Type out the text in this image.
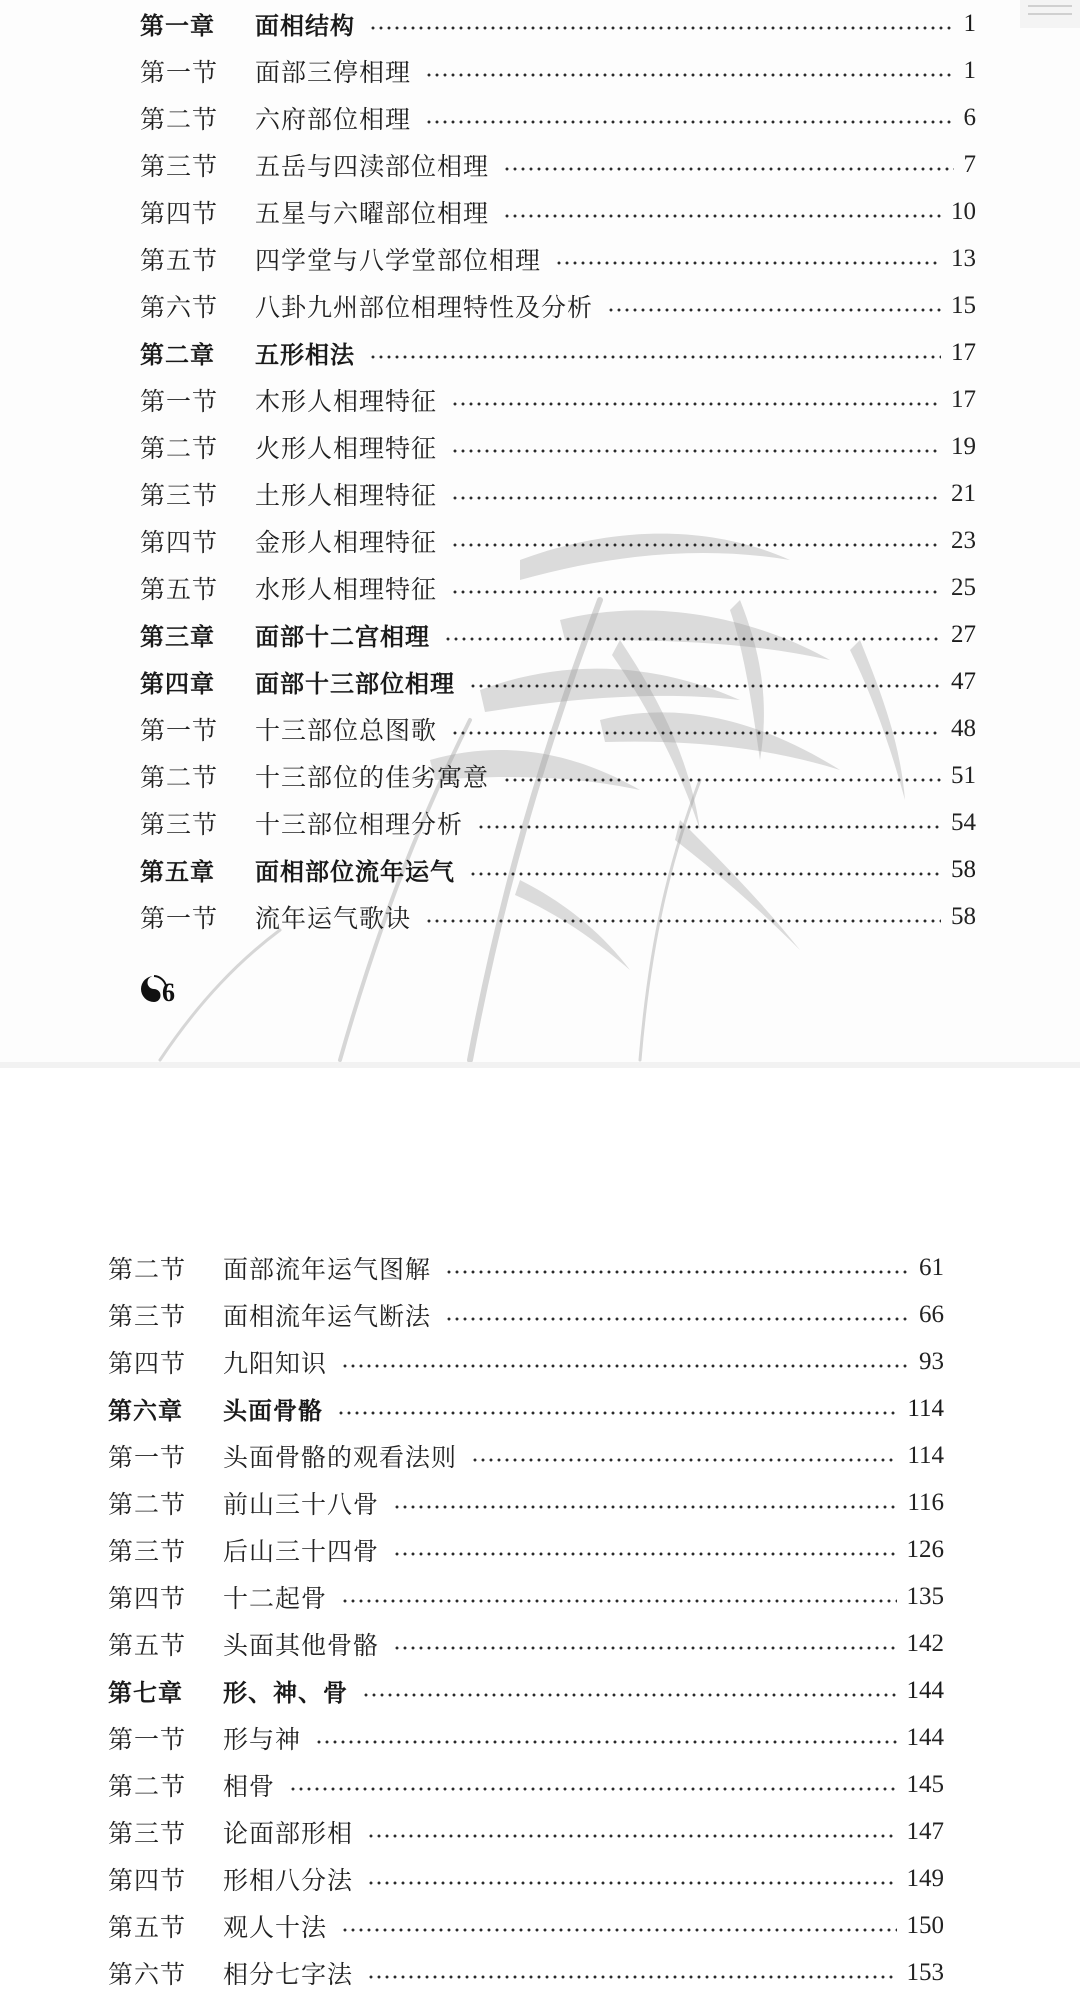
第一章	面相结构	1
第一节	面部三停相理	1
第二节	六府部位相理	6
第三节	五岳与四渎部位相理	7
第四节	五星与六曜部位相理	10
第五节	四学堂与八学堂部位相理	13
第六节	八卦九州部位相理特性及分析	15
第二章	五形相法	17
第一节	木形人相理特征	17
第二节	火形人相理特征	19
第三节	土形人相理特征	21
第四节	金形人相理特征	23
第五节	水形人相理特征	25
第三章	面部十二宫相理	27
第四章	面部十三部位相理	47
第一节	十三部位总图歌	48
第二节	十三部位的佳劣寓意	51
第三节	十三部位相理分析	54
第五章	面相部位流年运气	58
第一节	流年运气歌诀	58
6
第二节	面部流年运气图解	61
第三节	面相流年运气断法	66
第四节	九阳知识	93
第六章	头面骨骼	114
第一节	头面骨骼的观看法则	114
第二节	前山三十八骨	116
第三节	后山三十四骨	126
第四节	十二起骨	135
第五节	头面其他骨骼	142
第七章	形、神、骨	144
第一节	形与神	144
第二节	相骨	145
第三节	论面部形相	147
第四节	形相八分法	149
第五节	观人十法	150
第六节	相分七字法	153
